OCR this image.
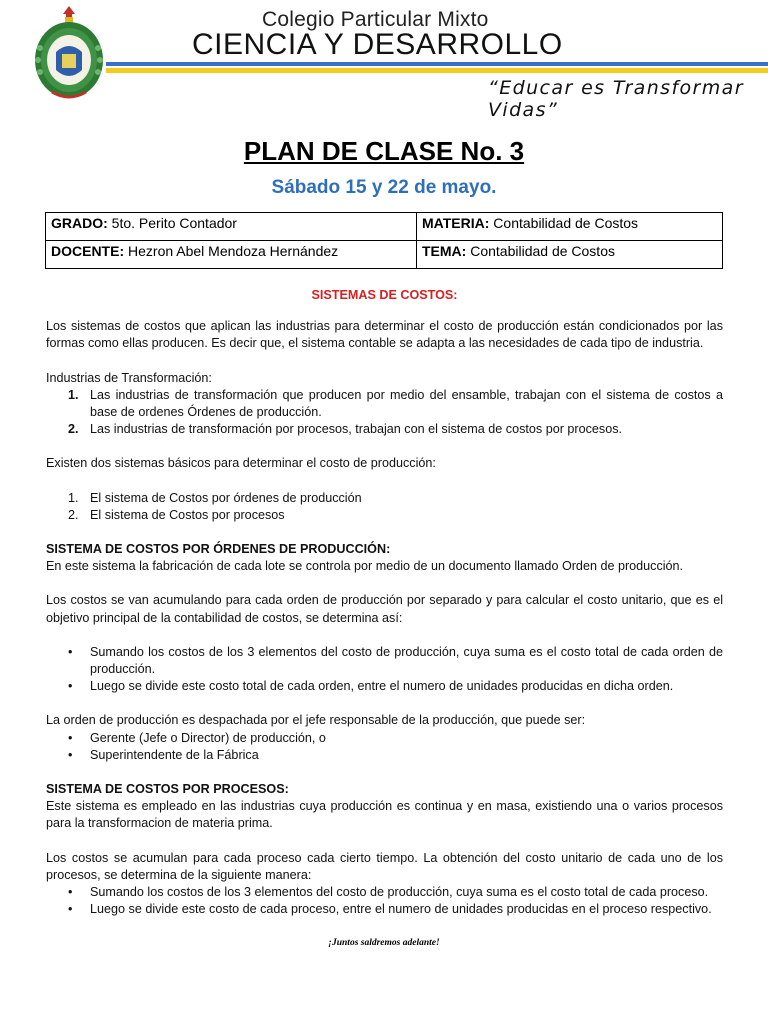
Colegio Particular Mixto
CIENCIA Y DESARROLLO
“Educar es Transformar Vidas”
PLAN DE CLASE No. 3
Sábado 15 y 22 de mayo.
GRADO: 5to. Perito Contador	MATERIA: Contabilidad de Costos
DOCENTE: Hezron Abel Mendoza Hernández	TEMA: Contabilidad de Costos
SISTEMAS DE COSTOS:

Los sistemas de costos que aplican las industrias para determinar el costo de producción están condicionados por las formas como ellas producen. Es decir que, el sistema contable se adapta a las necesidades de cada tipo de industria.

Industrias de Transformación:

1. Las industrias de transformación que producen por medio del ensamble, trabajan con el sistema de costos a base de ordenes Órdenes de producción.
2. Las industrias de transformación por procesos, trabajan con el sistema de costos por procesos.

Existen dos sistemas básicos para determinar el costo de producción:

1. El sistema de Costos por órdenes de producción
2. El sistema de Costos por procesos

SISTEMA DE COSTOS POR ÓRDENES DE PRODUCCIÓN:

En este sistema la fabricación de cada lote se controla por medio de un documento llamado Orden de producción.

Los costos se van acumulando para cada orden de producción por separado y para calcular el costo unitario, que es el objetivo principal de la contabilidad de costos, se determina así:

• Sumando los costos de los 3 elementos del costo de producción, cuya suma es el costo total de cada orden de producción.
• Luego se divide este costo total de cada orden, entre el numero de unidades producidas en dicha orden.

La orden de producción es despachada por el jefe responsable de la producción, que puede ser:

• Gerente (Jefe o Director) de producción, o
• Superintendente de la Fábrica

SISTEMA DE COSTOS POR PROCESOS:

Este sistema es empleado en las industrias cuya producción es continua y en masa, existiendo una o varios procesos para la transformacion de materia prima.

Los costos se acumulan para cada proceso cada cierto tiempo. La obtención del costo unitario de cada uno de los procesos, se determina de la siguiente manera:

• Sumando los costos de los 3 elementos del costo de producción, cuya suma es el costo total de cada proceso.
• Luego se divide este costo de cada proceso, entre el numero de unidades producidas en el proceso respectivo.
¡Juntos saldremos adelante!
